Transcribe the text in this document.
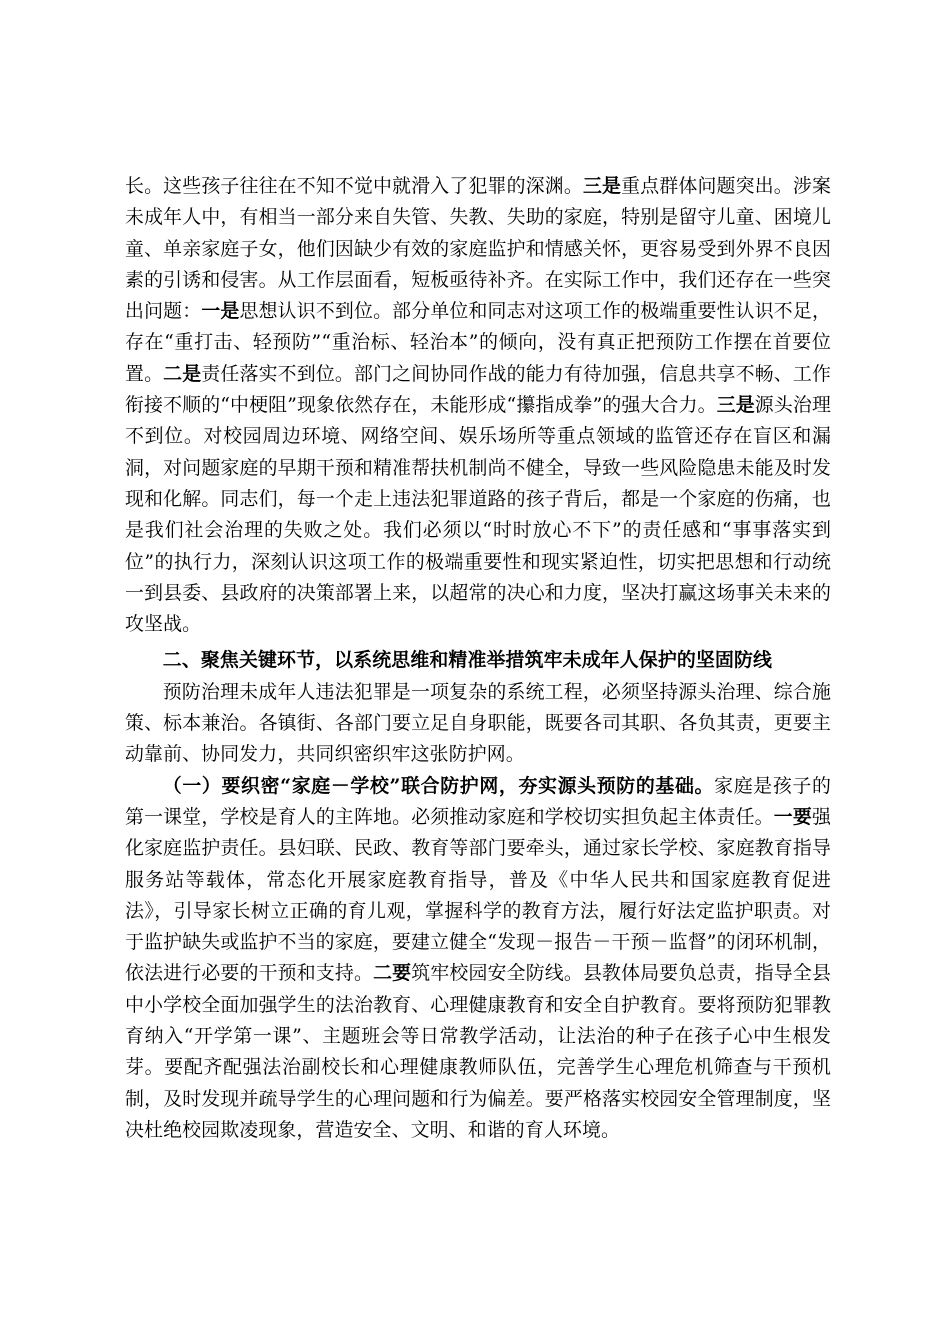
长。这些孩子往往在不知不觉中就滑入了犯罪的深渊。三是重点群体问题突出。涉案未成年人中，有相当一部分来自失管、失教、失助的家庭，特别是留守儿童、困境儿童、单亲家庭子女，他们因缺少有效的家庭监护和情感关怀，更容易受到外界不良因素的引诱和侵害。从工作层面看，短板亟待补齐。在实际工作中，我们还存在一些突出问题：一是思想认识不到位。部分单位和同志对这项工作的极端重要性认识不足，存在“重打击、轻预防”“重治标、轻治本”的倾向，没有真正把预防工作摆在首要位置。二是责任落实不到位。部门之间协同作战的能力有待加强，信息共享不畅、工作衔接不顺的“中梗阻”现象依然存在，未能形成“攥指成拳”的强大合力。三是源头治理不到位。对校园周边环境、网络空间、娱乐场所等重点领域的监管还存在盲区和漏洞，对问题家庭的早期干预和精准帮扶机制尚不健全，导致一些风险隐患未能及时发现和化解。同志们，每一个走上违法犯罪道路的孩子背后，都是一个家庭的伤痛，也是我们社会治理的失败之处。我们必须以“时时放心不下”的责任感和“事事落实到位”的执行力，深刻认识这项工作的极端重要性和现实紧迫性，切实把思想和行动统一到县委、县政府的决策部署上来，以超常的决心和力度，坚决打赢这场事关未来的攻坚战。

二、聚焦关键环节，以系统思维和精准举措筑牢未成年人保护的坚固防线

预防治理未成年人违法犯罪是一项复杂的系统工程，必须坚持源头治理、综合施策、标本兼治。各镇街、各部门要立足自身职能，既要各司其职、各负其责，更要主动靠前、协同发力，共同织密织牢这张防护网。

（一）要织密“家庭－学校”联合防护网，夯实源头预防的基础。家庭是孩子的第一课堂，学校是育人的主阵地。必须推动家庭和学校切实担负起主体责任。一要强化家庭监护责任。县妇联、民政、教育等部门要牵头，通过家长学校、家庭教育指导服务站等载体，常态化开展家庭教育指导，普及《中华人民共和国家庭教育促进法》，引导家长树立正确的育儿观，掌握科学的教育方法，履行好法定监护职责。对于监护缺失或监护不当的家庭，要建立健全“发现－报告－干预－监督”的闭环机制，依法进行必要的干预和支持。二要筑牢校园安全防线。县教体局要负总责，指导全县中小学校全面加强学生的法治教育、心理健康教育和安全自护教育。要将预防犯罪教育纳入“开学第一课”、主题班会等日常教学活动，让法治的种子在孩子心中生根发芽。要配齐配强法治副校长和心理健康教师队伍，完善学生心理危机筛查与干预机制，及时发现并疏导学生的心理问题和行为偏差。要严格落实校园安全管理制度，坚决杜绝校园欺凌现象，营造安全、文明、和谐的育人环境。
